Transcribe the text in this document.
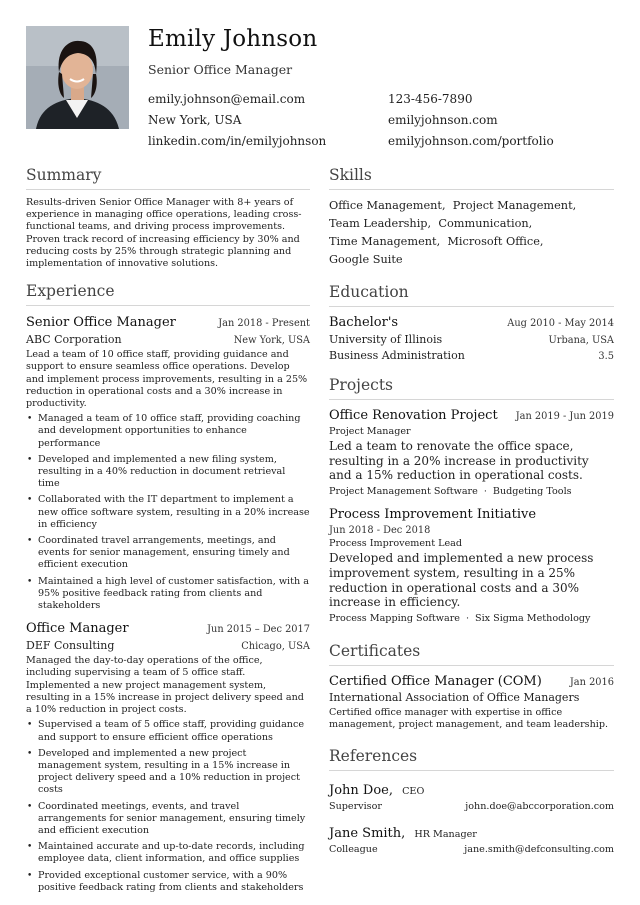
Emily Johnson
Senior Office Manager
emily.johnson@email.com	123-456-7890
New York, USA	emilyjohnson.com
linkedin.com/in/emilyjohnson	emilyjohnson.com/portfolio
Summary

Results-driven Senior Office Manager with 8+ years of experience in managing office operations, leading cross-functional teams, and driving process improvements. Proven track record of increasing efficiency by 30% and reducing costs by 25% through strategic planning and implementation of innovative solutions.

Experience
Senior Office Manager	Jan 2018 - Present
ABC Corporation	New York, USA

Lead a team of 10 office staff, providing guidance and support to ensure seamless office operations. Develop and implement process improvements, resulting in a 25% reduction in operational costs and a 30% increase in productivity.

• Managed a team of 10 office staff, providing coaching and development opportunities to enhance performance
• Developed and implemented a new filing system, resulting in a 40% reduction in document retrieval time
• Collaborated with the IT department to implement a new office software system, resulting in a 20% increase in efficiency
• Coordinated travel arrangements, meetings, and events for senior management, ensuring timely and efficient execution
• Maintained a high level of customer satisfaction, with a 95% positive feedback rating from clients and stakeholders
Office Manager	Jun 2015 – Dec 2017
DEF Consulting	Chicago, USA

Managed the day-to-day operations of the office, including supervising a team of 5 office staff. Implemented a new project management system, resulting in a 15% increase in project delivery speed and a 10% reduction in project costs.

• Supervised a team of 5 office staff, providing guidance and support to ensure efficient office operations
• Developed and implemented a new project management system, resulting in a 15% increase in project delivery speed and a 10% reduction in project costs
• Coordinated meetings, events, and travel arrangements for senior management, ensuring timely and efficient execution
• Maintained accurate and up-to-date records, including employee data, client information, and office supplies
• Provided exceptional customer service, with a 90% positive feedback rating from clients and stakeholders
Skills
Office Management, Project Management,
Team Leadership, Communication,
Time Management, Microsoft Office,  Google Suite
Education
Bachelor's	Aug 2010 - May 2014
University of Illinois	Urbana, USA
Business Administration	3.5
Projects
Office Renovation Project Jan 2019 - Jun 2019
Project Manager

Led a team to renovate the office space, resulting in a 20% increase in productivity and a 15% reduction in operational costs.

Project Management Software · Budgeting Tools
Process Improvement Initiative
Jun 2018 - Dec 2018
Process Improvement Lead

Developed and implemented a new process improvement system, resulting in a 25% reduction in operational costs and a 30% increase in efficiency.

Process Mapping Software · Six Sigma Methodology
Certificates
Certified Office Manager (COM)	Jan 2016
International Association of Office Managers

Certified office manager with expertise in office management, project management, and team leadership.

References
John Doe, CEO
Supervisor	john.doe@abccorporation.com
Jane Smith, HR Manager
Colleague	jane.smith@defconsulting.com
